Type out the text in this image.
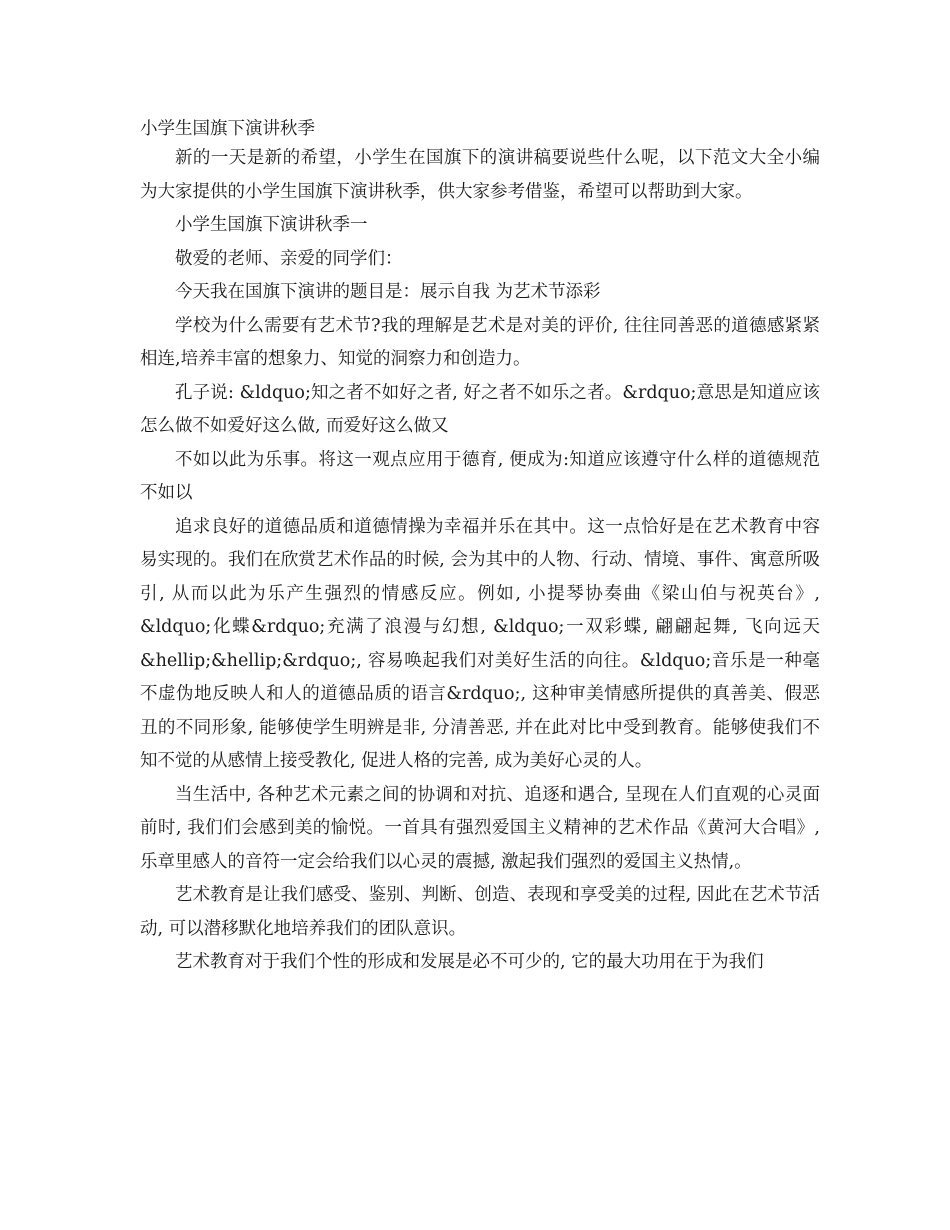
小学生国旗下演讲秋季

新的一天是新的希望，小学生在国旗下的演讲稿要说些什么呢，以下范文大全小编为大家提供的小学生国旗下演讲秋季，供大家参考借鉴，希望可以帮助到大家。

小学生国旗下演讲秋季一

敬爱的老师、亲爱的同学们：

今天我在国旗下演讲的题目是：展示自我 为艺术节添彩

学校为什么需要有艺术节?我的理解是艺术是对美的评价, 往往同善恶的道德感紧紧相连,培养丰富的想象力、知觉的洞察力和创造力。

孔子说: &ldquo;知之者不如好之者, 好之者不如乐之者。&rdquo;意思是知道应该怎么做不如爱好这么做, 而爱好这么做又

不如以此为乐事。将这一观点应用于德育, 便成为:知道应该遵守什么样的道德规范不如以

追求良好的道德品质和道德情操为幸福并乐在其中。这一点恰好是在艺术教育中容易实现的。我们在欣赏艺术作品的时候, 会为其中的人物、行动、情境、事件、寓意所吸引, 从而以此为乐产生强烈的情感反应。例如, 小提琴协奏曲《梁山伯与祝英台》, &ldquo;化蝶&rdquo;充满了浪漫与幻想, &ldquo;一双彩蝶, 翩翩起舞, 飞向远天&hellip;&hellip;&rdquo;, 容易唤起我们对美好生活的向往。&ldquo;音乐是一种毫不虚伪地反映人和人的道德品质的语言&rdquo;, 这种审美情感所提供的真善美、假恶丑的不同形象, 能够使学生明辨是非, 分清善恶, 并在此对比中受到教育。能够使我们不知不觉的从感情上接受教化, 促进人格的完善, 成为美好心灵的人。

当生活中, 各种艺术元素之间的协调和对抗、追逐和遇合, 呈现在人们直观的心灵面前时, 我们们会感到美的愉悦。一首具有强烈爱国主义精神的艺术作品《黄河大合唱》,乐章里感人的音符一定会给我们以心灵的震撼, 激起我们强烈的爱国主义热情,。

艺术教育是让我们感受、鉴别、判断、创造、表现和享受美的过程, 因此在艺术节活动, 可以潜移默化地培养我们的团队意识。

艺术教育对于我们个性的形成和发展是必不可少的, 它的最大功用在于为我们
